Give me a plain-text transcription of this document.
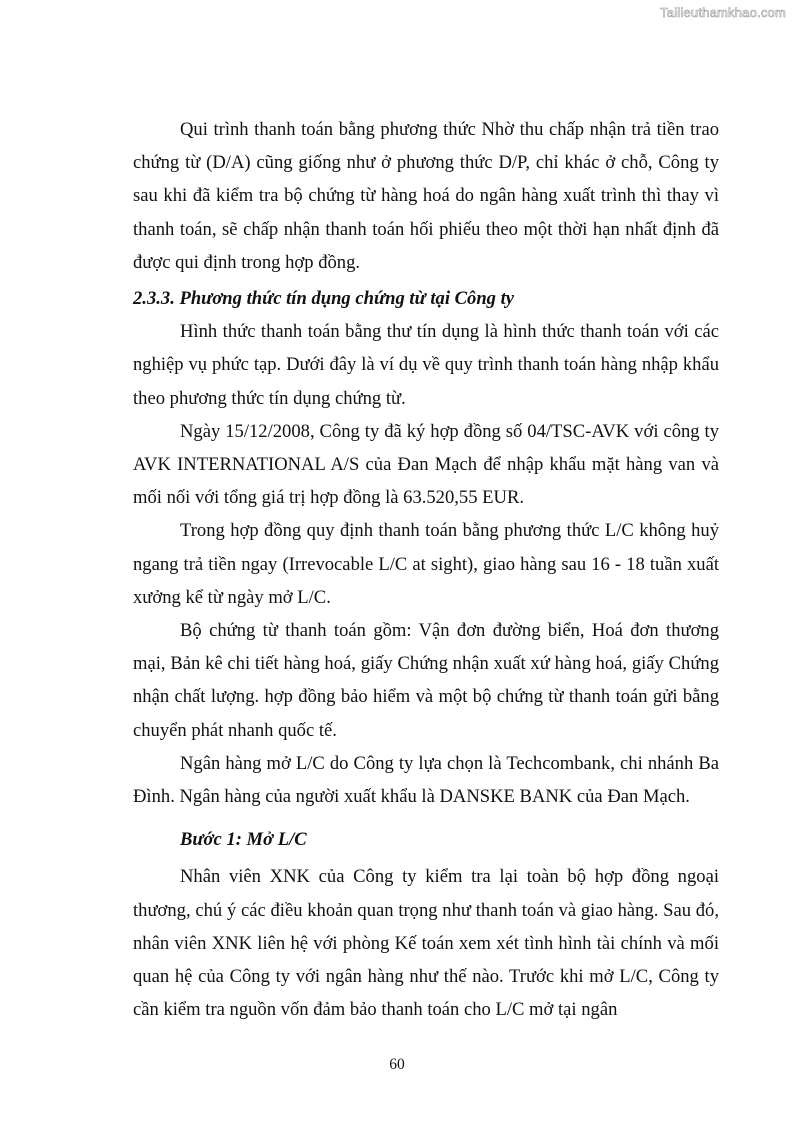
Tailieuthamkhao.com

Qui trình thanh toán bằng phương thức Nhờ thu chấp nhận trả tiền trao chứng từ (D/A) cũng giống như ở phương thức D/P, chỉ khác ở chỗ, Công ty sau khi đã kiểm tra bộ chứng từ hàng hoá do ngân hàng xuất trình thì thay vì thanh toán, sẽ chấp nhận thanh toán hối phiếu theo một thời hạn nhất định đã được qui định trong hợp đồng.

2.3.3. Phương thức tín dụng chứng từ tại Công ty

Hình thức thanh toán bằng thư tín dụng là hình thức thanh toán với các nghiệp vụ phức tạp. Dưới đây là ví dụ về quy trình thanh toán hàng nhập khẩu theo phương thức tín dụng chứng từ.

Ngày 15/12/2008, Công ty đã ký hợp đồng số 04/TSC-AVK với công ty AVK INTERNATIONAL A/S của Đan Mạch để nhập khẩu mặt hàng van và mối nối với tổng giá trị hợp đồng là 63.520,55 EUR.

Trong hợp đồng quy định thanh toán bằng phương thức L/C không huỷ ngang trả tiền ngay (Irrevocable L/C at sight), giao hàng sau 16 - 18 tuần xuất xưởng kể từ ngày mở L/C.

Bộ chứng từ thanh toán gồm: Vận đơn đường biển, Hoá đơn thương mại, Bản kê chi tiết hàng hoá, giấy Chứng nhận xuất xứ hàng hoá, giấy Chứng nhận chất lượng. hợp đồng bảo hiểm và một bộ chứng từ thanh toán gửi bằng chuyển phát nhanh quốc tế.

Ngân hàng mở L/C do Công ty lựa chọn là Techcombank, chi nhánh Ba Đình. Ngân hàng của người xuất khẩu là DANSKE BANK của Đan Mạch.

Bước 1: Mở L/C

Nhân viên XNK của Công ty kiểm tra lại toàn bộ hợp đồng ngoại thương, chú ý các điều khoản quan trọng như thanh toán và giao hàng. Sau đó, nhân viên XNK liên hệ với phòng Kế toán xem xét tình hình tài chính và mối quan hệ của Công ty với ngân hàng như thế nào. Trước khi mở L/C, Công ty cần kiểm tra nguồn vốn đảm bảo thanh toán cho L/C mở tại ngân

60
